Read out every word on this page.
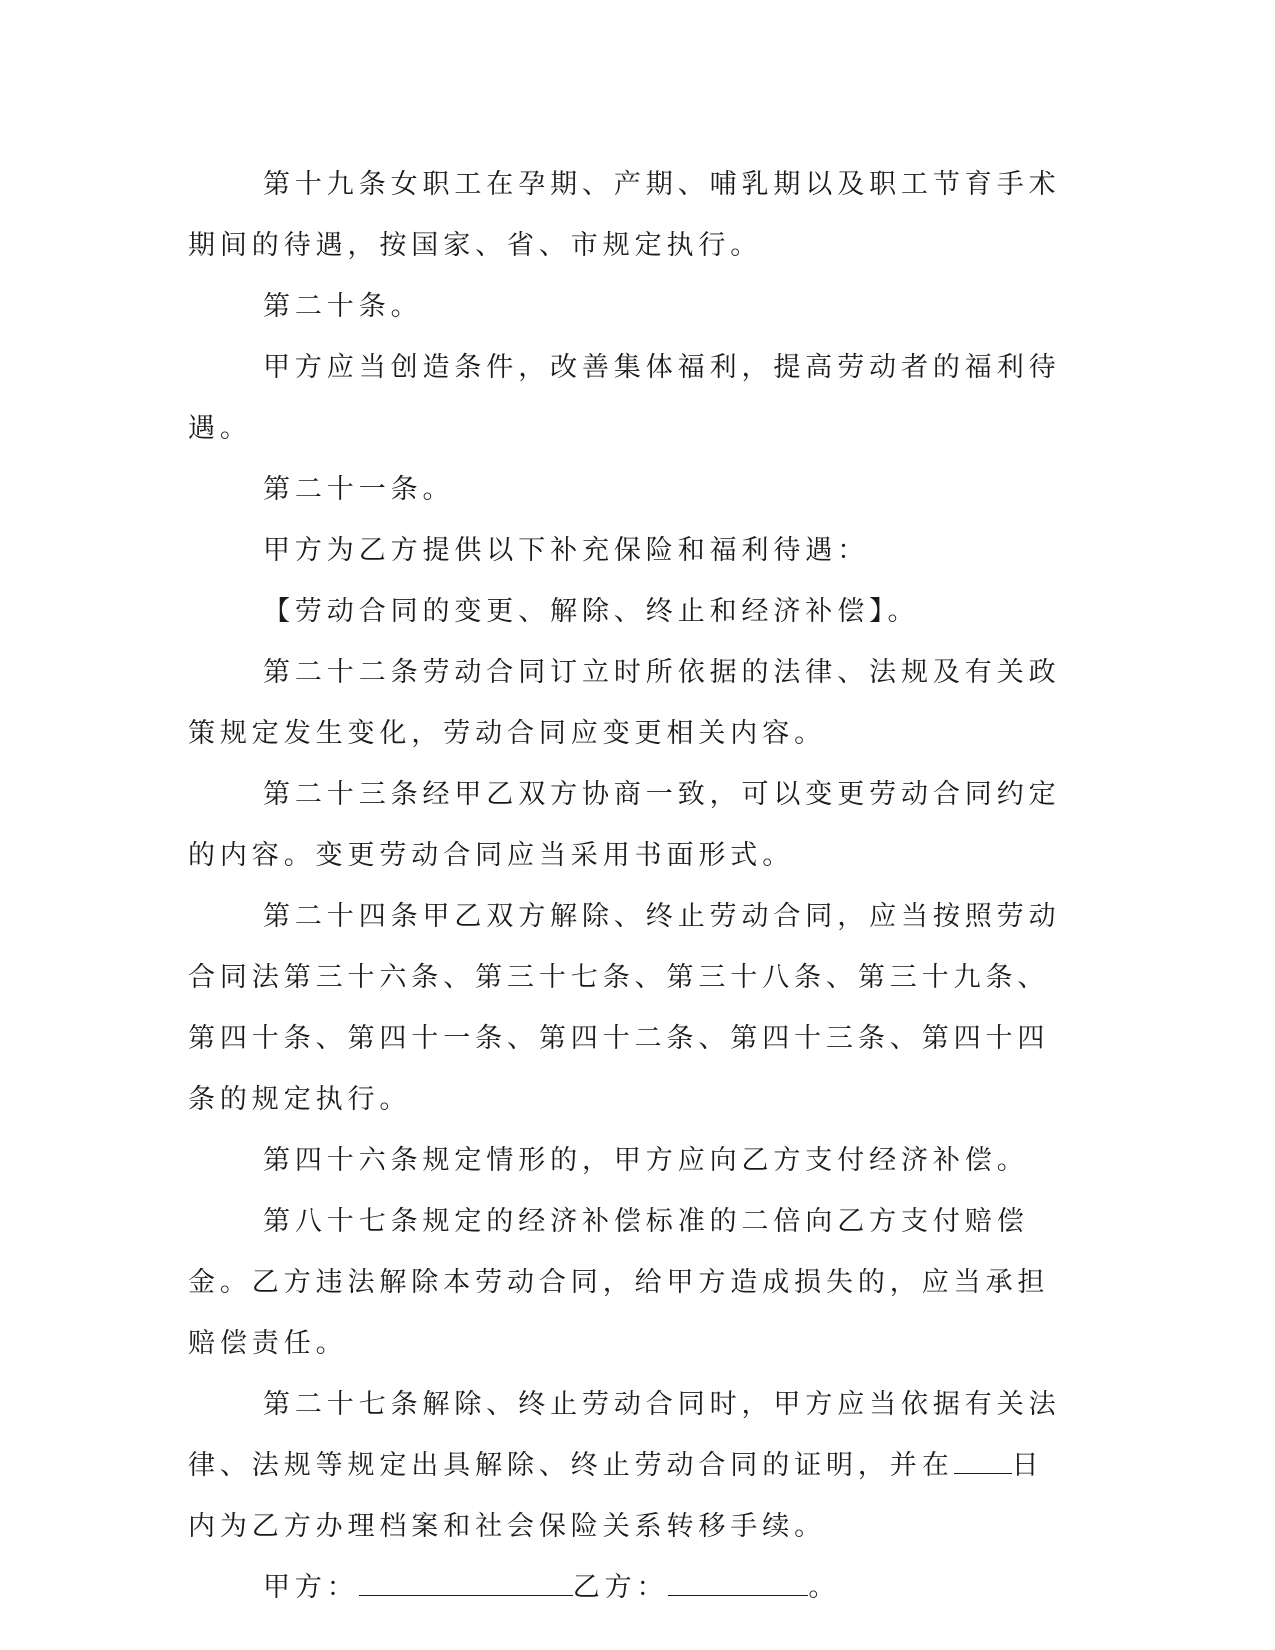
第十九条女职工在孕期、产期、哺乳期以及职工节育手术期间的待遇，按国家、省、市规定执行。

第二十条。

甲方应当创造条件，改善集体福利，提高劳动者的福利待遇。

第二十一条。

甲方为乙方提供以下补充保险和福利待遇：

【劳动合同的变更、解除、终止和经济补偿】。

第二十二条劳动合同订立时所依据的法律、法规及有关政策规定发生变化，劳动合同应变更相关内容。

第二十三条经甲乙双方协商一致，可以变更劳动合同约定的内容。变更劳动合同应当采用书面形式。

第二十四条甲乙双方解除、终止劳动合同，应当按照劳动合同法第三十六条、第三十七条、第三十八条、第三十九条、第四十条、第四十一条、第四十二条、第四十三条、第四十四条的规定执行。

第四十六条规定情形的，甲方应向乙方支付经济补偿。

第八十七条规定的经济补偿标准的二倍向乙方支付赔偿金。乙方违法解除本劳动合同，给甲方造成损失的，应当承担赔偿责任。

第二十七条解除、终止劳动合同时，甲方应当依据有关法律、法规等规定出具解除、终止劳动合同的证明，并在 日内为乙方办理档案和社会保险关系转移手续。

甲方：	乙方：	。
